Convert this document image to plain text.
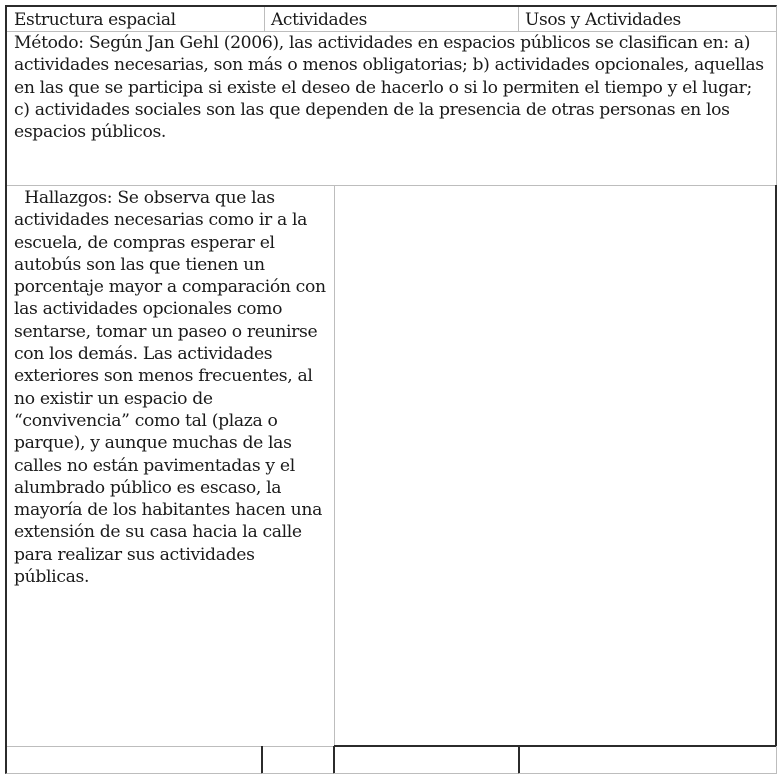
Estructura espacial	Actividades	Usos y Actividades
Método: Según Jan Gehl (2006), las actividades en espacios públicos se clasifican en: a) actividades necesarias, son más o menos obligatorias; b) actividades opcionales, aquellas en las que se participa si existe el deseo de hacerlo o si lo permiten el tiempo y el lugar; c) actividades sociales son las que dependen de la presencia de otras personas en los espacios públicos.
Hallazgos: Se observa que las actividades necesarias como ir a la escuela, de compras esperar el autobús son las que tienen un porcentaje mayor a comparación con las actividades opcionales como sentarse, tomar un paseo o reunirse con los demás. Las actividades exteriores son menos frecuentes, al no existir un espacio de “convivencia” como tal (plaza o parque), y aunque muchas de las calles no están pavimentadas y el alumbrado público es escaso, la mayoría de los habitantes hacen una extensión de su casa hacia la calle para realizar sus actividades públicas.
